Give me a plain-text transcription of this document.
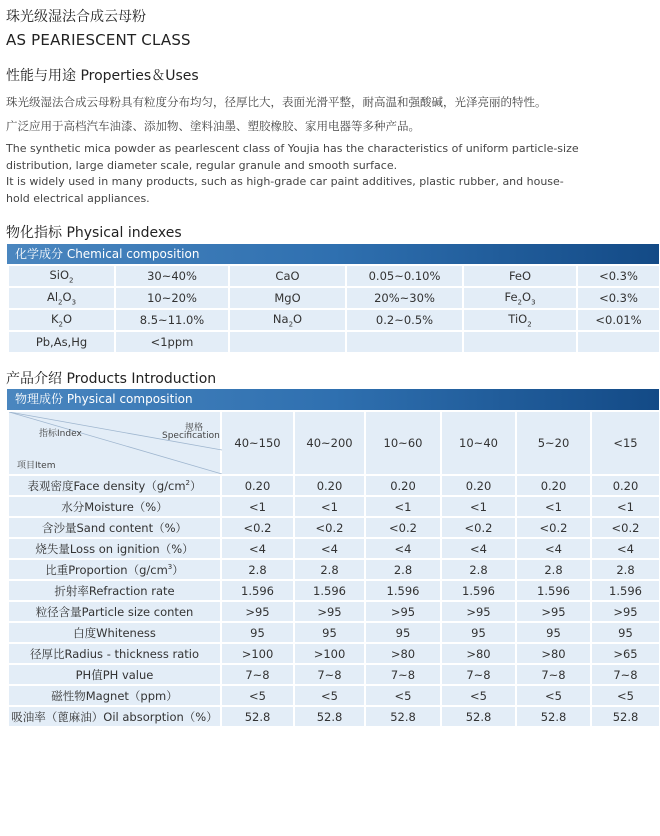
珠光级湿法合成云母粉
AS PEARIESCENT CLASS
性能与用途 Properties＆Uses
珠光级湿法合成云母粉具有粒度分布均匀，径厚比大，表面光滑平整，耐高温和强酸碱，光泽亮丽的特性。
广泛应用于高档汽车油漆、添加物、塗料油墨、塑胶橡胶、家用电器等多种产品。
The synthetic mica powder as pearlescent class of Youjia has the characteristics of uniform particle-size
distribution, large diameter scale, regular granule and smooth surface.
It is widely used in many products, such as high-grade car paint additives, plastic rubber, and house-
hold electrical appliances.
物化指标 Physical indexes
化学成分 Chemical composition
SiO$_2$	30~40%	CaO	0.05~0.10%	FeO	<0.3%
$Al_2O_3$	10~20%	MgO	20%~30%	$Fe_2O_3$	<0.3%
$K_2O$	8.5~11.0%	$Na_2O$	0.2~0.5%	TiO$_2$	<0.01%
Pb,As,Hg	<1ppm				
产品介绍 Products Introduction
物理成份 Physical composition
指标Index
规格
Specification
项目Item	40~150	40~200	10~60	10~40	5~20	<15
表观密度Face $density(g/cm^2)$	0.20	0.20	0.20	0.20	0.20	0.20
水分Moisture（%）	<1	<1	<1	<1	<1	<1
含沙量Sand content（%）	<0.2	<0.2	<0.2	<0.2	<0.2	<0.2
烧失量Loss on ignition（%）	<4	<4	<4	<4	<4	<4
比重$Proportion(g/cm^3)$	2.8	2.8	2.8	2.8	2.8	2.8
折射率Refraction rate	1.596	1.596	1.596	1.596	1.596	1.596
粒径含量Particle size conten	>95	>95	>95	>95	>95	>95
白度Whiteness	95	95	95	95	95	95
径厚比Radius - thickness ratio	>100	>100	>80	>80	>80	>65
PH值PH value	7~8	7~8	7~8	7~8	7~8	7~8
磁性物Magnet（ppm）	<5	<5	<5	<5	<5	<5
吸油率（蓖麻油）Oil absorption（%）	52.8	52.8	52.8	52.8	52.8	52.8
